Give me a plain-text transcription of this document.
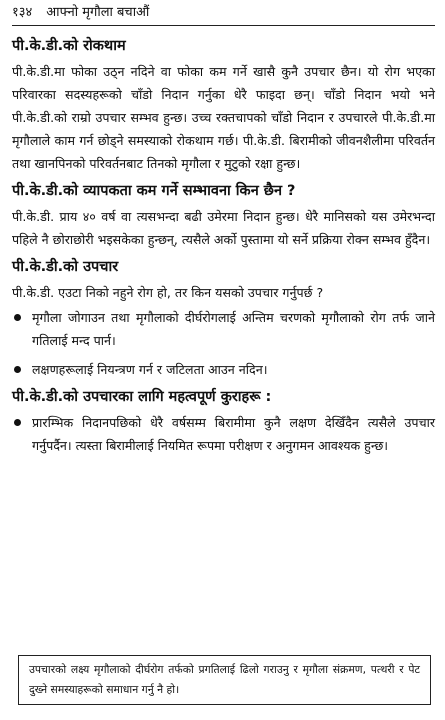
१३४ आफ्नो मृगौला बचाऔं
पी.के.डी.को रोकथाम

पी.के.डी.मा फोका उठ्न नदिने वा फोका कम गर्ने खासै कुनै उपचार छैन। यो रोग भएका परिवारका सदस्यहरूको चाँडो निदान गर्नुका धेरै फाइदा छन्। चाँडो निदान भयो भने पी.के.डी.को राम्रो उपचार सम्भव हुन्छ। उच्च रक्तचापको चाँडो निदान र उपचारले पी.के.डी.मा मृगौलाले काम गर्न छोड्ने समस्याको रोकथाम गर्छ। पी.के.डी. बिरामीको जीवनशैलीमा परिवर्तन तथा खानपिनको परिवर्तनबाट तिनको मृगौला र मुटुको रक्षा हुन्छ।

पी.के.डी.को व्यापकता कम गर्ने सम्भावना किन छैन ?

पी.के.डी. प्राय ४० वर्ष वा त्यसभन्दा बढी उमेरमा निदान हुन्छ। धेरै मानिसको यस उमेरभन्दा पहिले नै छोराछोरी भइसकेका हुन्छन्, त्यसैले अर्को पुस्तामा यो सर्ने प्रक्रिया रोक्न सम्भव हुँदैन।

पी.के.डी.को उपचार

पी.के.डी. एउटा निको नहुने रोग हो, तर किन यसको उपचार गर्नुपर्छ ?

मृगौला जोगाउन तथा मृगौलाको दीर्घरोगलाई अन्तिम चरणको मृगौलाको रोग तर्फ जाने गतिलाई मन्द पार्न।
लक्षणहरूलाई नियन्त्रण गर्न र जटिलता आउन नदिन।
पी.के.डी.को उपचारका लागि महत्वपूर्ण कुराहरू :
प्रारम्भिक निदानपछिको धेरै वर्षसम्म बिरामीमा कुनै लक्षण देखिँदैन त्यसैले उपचार गर्नुपर्दैन। त्यस्ता बिरामीलाई नियमित रूपमा परीक्षण र अनुगमन आवश्यक हुन्छ।
उपचारको लक्ष्य मृगौलाको दीर्घरोग तर्फको प्रगतिलाई ढिलो गराउनु र मृगौला संक्रमण, पत्थरी र पेट दुख्ने समस्याहरूको समाधान गर्नु नै हो।
